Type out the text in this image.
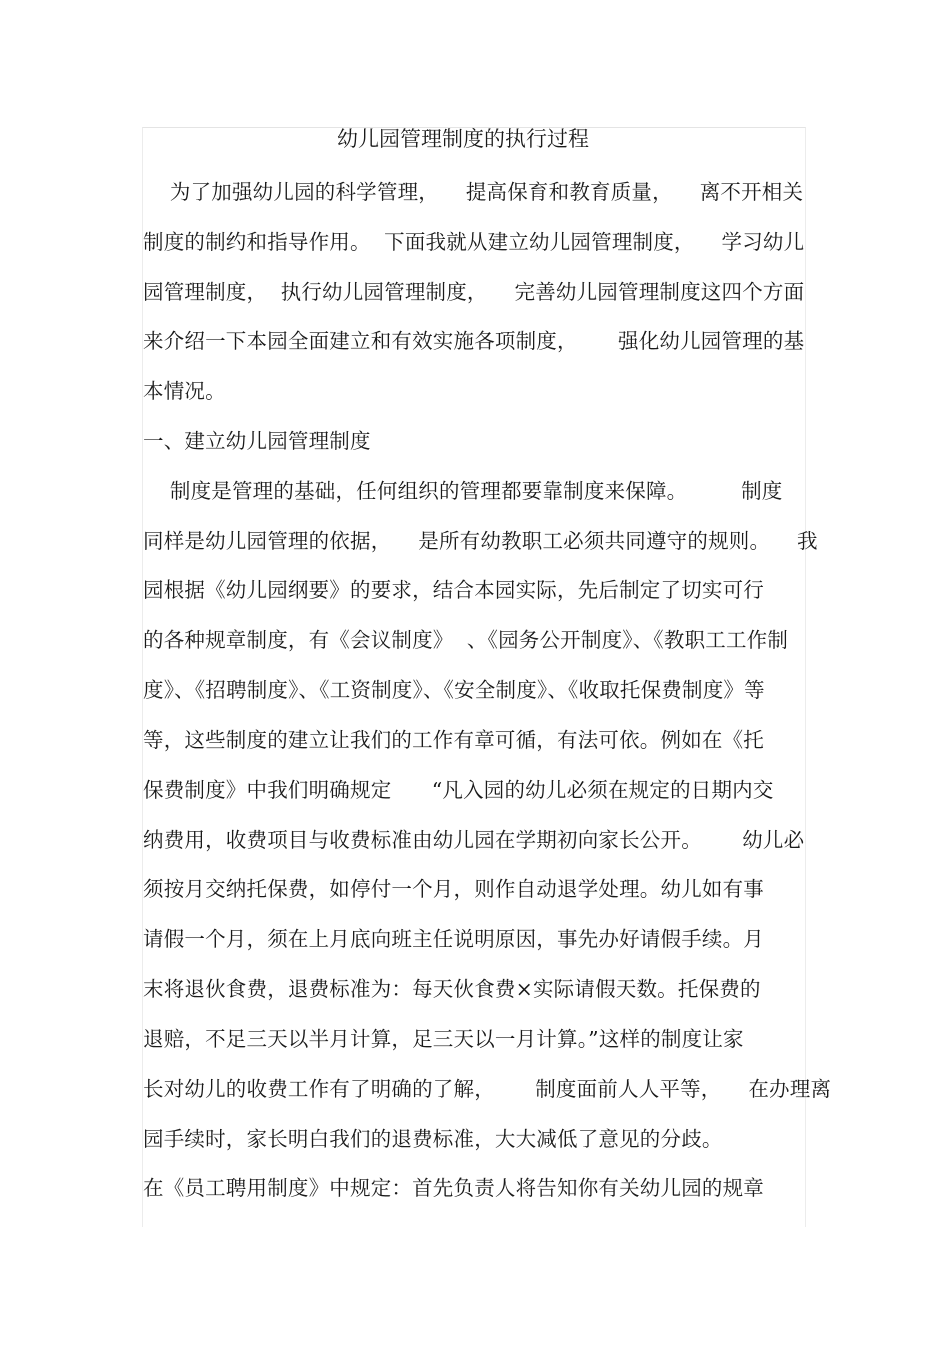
幼儿园管理制度的执行过程
为了加强幼儿园的科学管理，    提高保育和教育质量，    离不开相关
制度的制约和指导作用。  下面我就从建立幼儿园管理制度，    学习幼儿
园管理制度，  执行幼儿园管理制度，    完善幼儿园管理制度这四个方面
来介绍一下本园全面建立和有效实施各项制度，      强化幼儿园管理的基
本情况。
一、建立幼儿园管理制度
制度是管理的基础，任何组织的管理都要靠制度来保障。        制度
同样是幼儿园管理的依据，    是所有幼教职工必须共同遵守的规则。    我
园根据《幼儿园纲要》的要求，结合本园实际，先后制定了切实可行
的各种规章制度，有《会议制度》  、《园务公开制度》、《教职工工作制
度》、《招聘制度》、《工资制度》、《安全制度》、《收取托保费制度》等
等，这些制度的建立让我们的工作有章可循，有法可依。例如在《托
保费制度》中我们明确规定      “凡入园的幼儿必须在规定的日期内交
纳费用，收费项目与收费标准由幼儿园在学期初向家长公开。      幼儿必
须按月交纳托保费，如停付一个月，则作自动退学处理。幼儿如有事
请假一个月，须在上月底向班主任说明原因，事先办好请假手续。月
末将退伙食费，退费标准为：每天伙食费×实际请假天数。托保费的
退赔，不足三天以半月计算，足三天以一月计算。”这样的制度让家
长对幼儿的收费工作有了明确的了解，      制度面前人人平等，    在办理离
园手续时，家长明白我们的退费标准，大大减低了意见的分歧。
在《员工聘用制度》中规定：首先负责人将告知你有关幼儿园的规章
